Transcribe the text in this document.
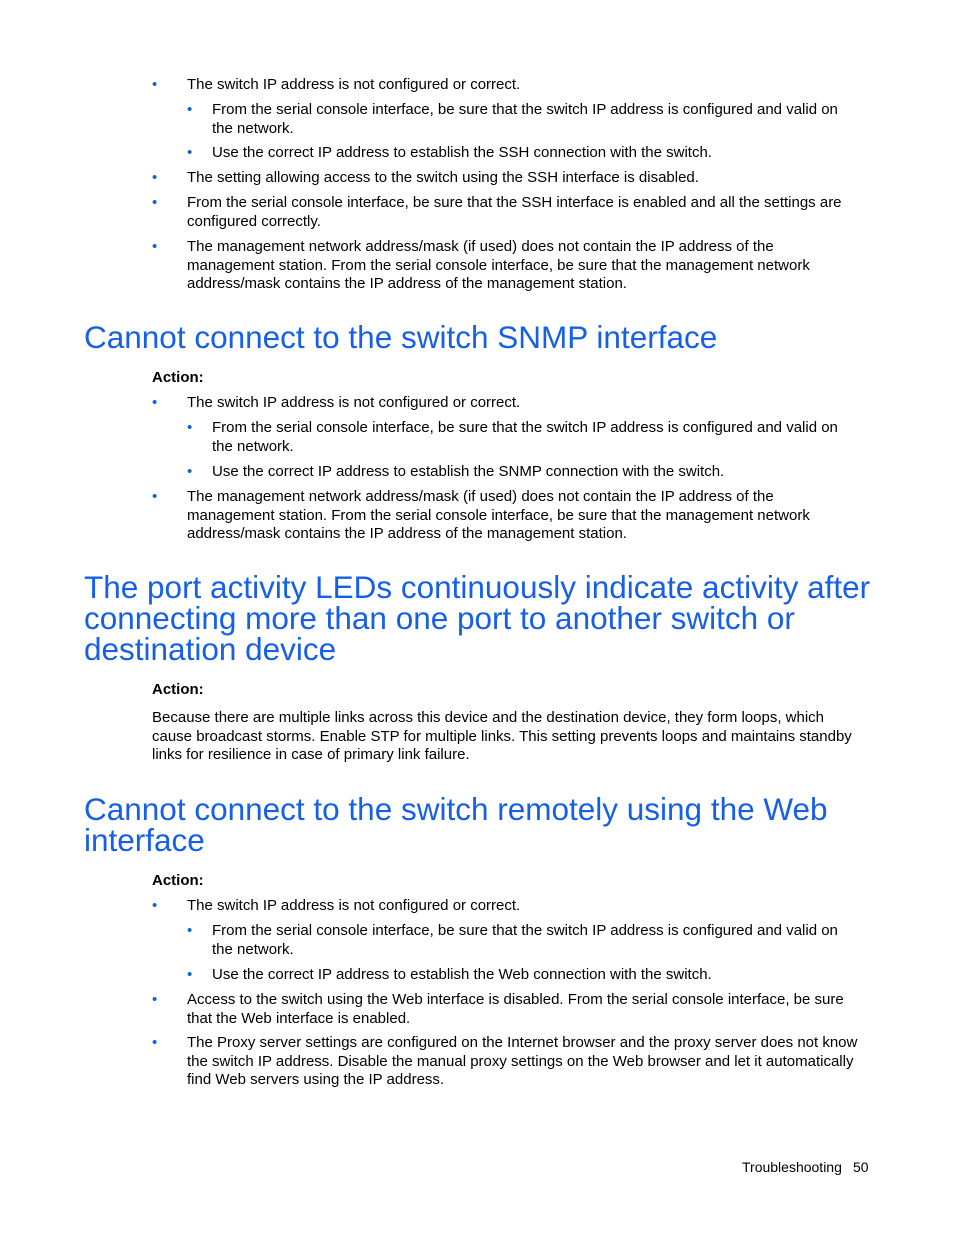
• The switch IP address is not configured or correct.
• From the serial console interface, be sure that the switch IP address is configured and valid on
the network.
• Use the correct IP address to establish the SSH connection with the switch.
• The setting allowing access to the switch using the SSH interface is disabled.
• From the serial console interface, be sure that the SSH interface is enabled and all the settings are
configured correctly.
• The management network address/mask (if used) does not contain the IP address of the
management station. From the serial console interface, be sure that the management network
address/mask contains the IP address of the management station.
Cannot connect to the switch SNMP interface
Action:
• The switch IP address is not configured or correct.
• From the serial console interface, be sure that the switch IP address is configured and valid on
the network.
• Use the correct IP address to establish the SNMP connection with the switch.
• The management network address/mask (if used) does not contain the IP address of the
management station. From the serial console interface, be sure that the management network
address/mask contains the IP address of the management station.
The port activity LEDs continuously indicate activity after
connecting more than one port to another switch or
destination device
Action:
Because there are multiple links across this device and the destination device, they form loops, which
cause broadcast storms. Enable STP for multiple links. This setting prevents loops and maintains standby
links for resilience in case of primary link failure.
Cannot connect to the switch remotely using the Web
interface
Action:
• The switch IP address is not configured or correct.
• From the serial console interface, be sure that the switch IP address is configured and valid on
the network.
• Use the correct IP address to establish the Web connection with the switch.
• Access to the switch using the Web interface is disabled. From the serial console interface, be sure
that the Web interface is enabled.
• The Proxy server settings are configured on the Internet browser and the proxy server does not know
the switch IP address. Disable the manual proxy settings on the Web browser and let it automatically
find Web servers using the IP address.
Troubleshooting 50
